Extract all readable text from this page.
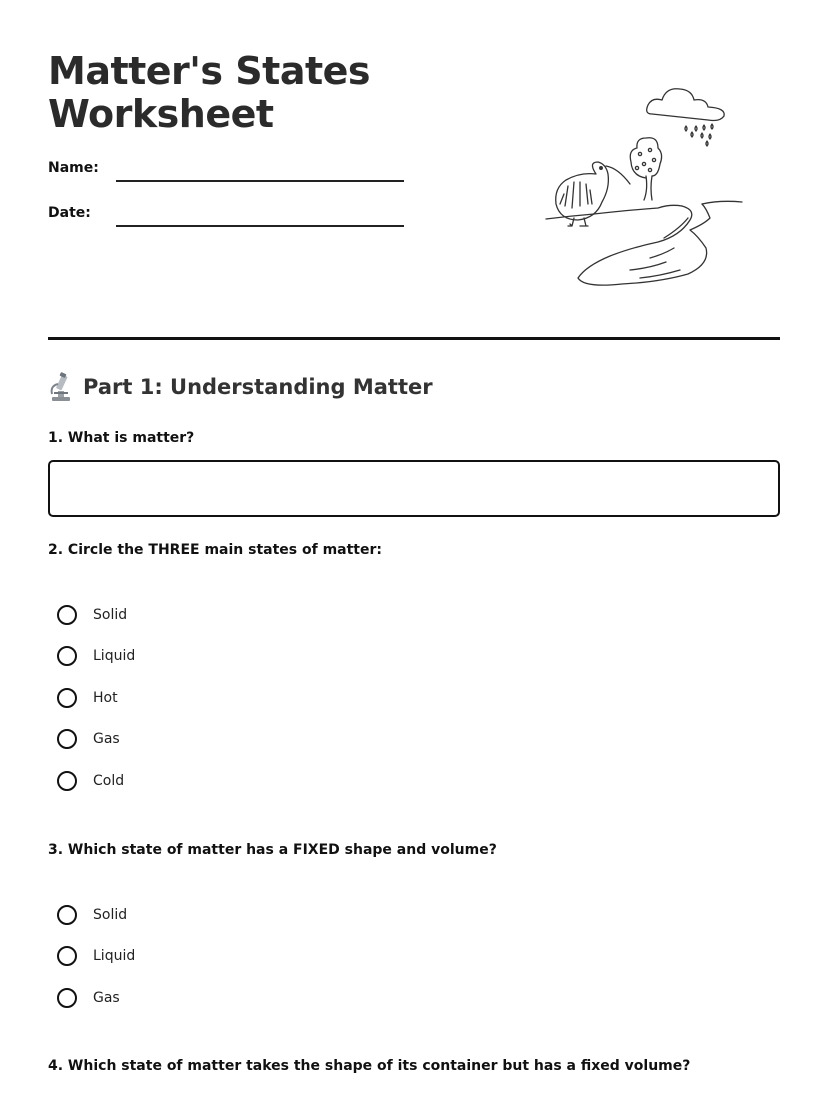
Matter's States
Worksheet
Name:
Date:
Part 1: Understanding Matter

1. What is matter?

2. Circle the THREE main states of matter:

Solid
Liquid
Hot
Gas
Cold

3. Which state of matter has a FIXED shape and volume?

Solid
Liquid
Gas

4. Which state of matter takes the shape of its container but has a fixed volume?
